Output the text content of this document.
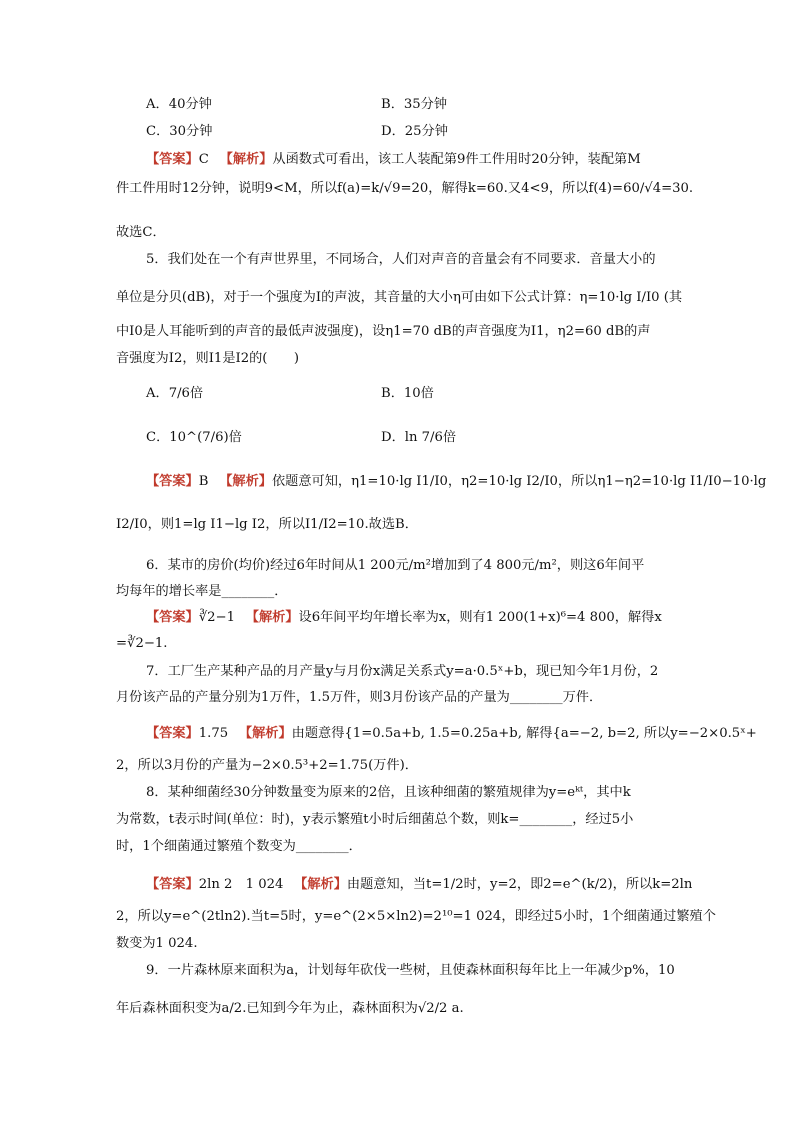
A．40分钟	B．35分钟
C．30分钟	D．25分钟
【答案】C 　 【解析】从函数式可看出，该工人装配第9件工件用时20分钟，装配第M
件工件用时12分钟，说明9<M，所以f(a)=k/√9=20，解得k=60.又4<9，所以f(4)=60/√4=30.
故选C．
5．我们处在一个有声世界里，不同场合，人们对声音的音量会有不同要求．音量大小的
单位是分贝(dB)，对于一个强度为I的声波，其音量的大小η可由如下公式计算：η=10·lg I/I0 (其
中I0是人耳能听到的声音的最低声波强度)，设η1=70 dB的声音强度为I1，η2=60 dB的声
音强度为I2，则I1是I2的(　　)
A．7/6倍	B．10倍
C．10^(7/6)倍	D．ln 7/6倍
【答案】B 　 【解析】依题意可知，η1=10·lg I1/I0，η2=10·lg I2/I0，所以η1−η2=10·lg I1/I0−10·lg
I2/I0，则1=lg I1−lg I2，所以I1/I2=10.故选B．
6．某市的房价(均价)经过6年时间从1 200元/m²增加到了4 800元/m²，则这6年间平
均每年的增长率是________．
【答案】∛2−1 　 【解析】设6年间平均年增长率为x，则有1 200(1+x)⁶=4 800，解得x
=∛2−1.
7．工厂生产某种产品的月产量y与月份x满足关系式y=a·0.5ˣ+b，现已知今年1月份，2
月份该产品的产量分别为1万件，1.5万件，则3月份该产品的产量为________万件．
【答案】1.75 　 【解析】由题意得{1=0.5a+b, 1.5=0.25a+b, 解得{a=−2, b=2, 所以y=−2×0.5ˣ+
2，所以3月份的产量为−2×0.5³+2=1.75(万件)．
8．某种细菌经30分钟数量变为原来的2倍，且该种细菌的繁殖规律为y=eᵏᵗ，其中k
为常数，t表示时间(单位：时)，y表示繁殖t小时后细菌总个数，则k=________，经过5小
时，1个细菌通过繁殖个数变为________．
【答案】2ln 2　1 024 　 【解析】由题意知，当t=1/2时，y=2，即2=e^(k/2)，所以k=2ln
2，所以y=e^(2tln2).当t=5时，y=e^(2×5×ln2)=2¹⁰=1 024，即经过5小时，1个细菌通过繁殖个
数变为1 024.
9．一片森林原来面积为a，计划每年砍伐一些树，且使森林面积每年比上一年减少p%，10
年后森林面积变为a/2.已知到今年为止，森林面积为√2/2 a.
